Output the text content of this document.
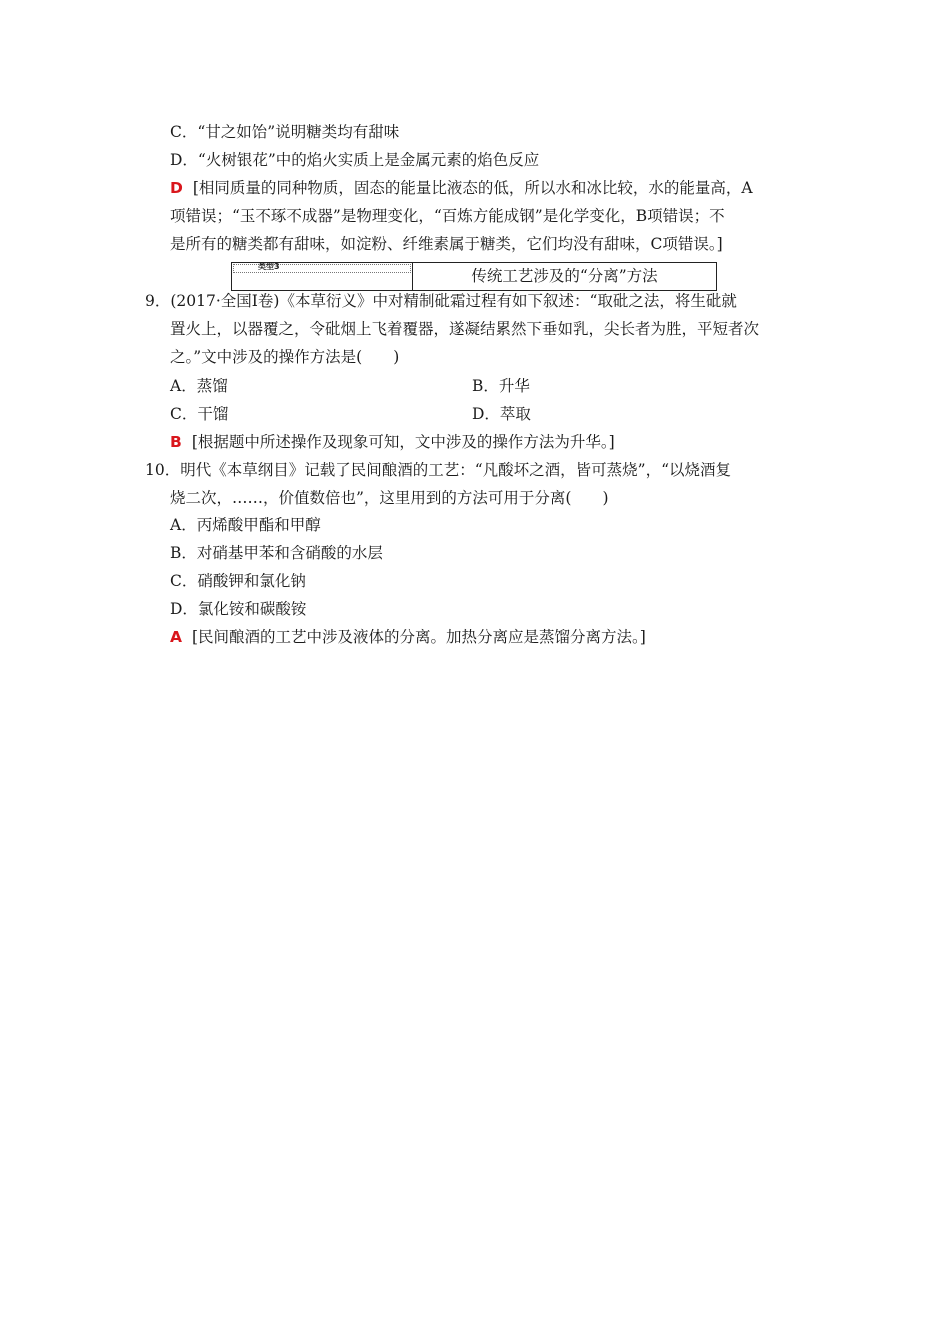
C．“甘之如饴”说明糖类均有甜味
D．“火树银花”中的焰火实质上是金属元素的焰色反应
D [相同质量的同种物质，固态的能量比液态的低，所以水和冰比较，水的能量高，A
项错误；“玉不琢不成器”是物理变化，“百炼方能成钢”是化学变化，B项错误；不
是所有的糖类都有甜味，如淀粉、纤维素属于糖类，它们均没有甜味，C项错误。]
类型3
传统工艺涉及的“分离”方法
9．(2017·全国Ⅰ卷)《本草衍义》中对精制砒霜过程有如下叙述：“取砒之法，将生砒就
置火上，以器覆之，令砒烟上飞着覆器，遂凝结累然下垂如乳，尖长者为胜，平短者次
之。”文中涉及的操作方法是(　　)
A．蒸馏	B．升华
C．干馏	D．萃取
B [根据题中所述操作及现象可知，文中涉及的操作方法为升华。]
10．明代《本草纲目》记载了民间酿酒的工艺：“凡酸坏之酒，皆可蒸烧”，“以烧酒复
烧二次，……，价值数倍也”，这里用到的方法可用于分离(　　)
A．丙烯酸甲酯和甲醇
B．对硝基甲苯和含硝酸的水层
C．硝酸钾和氯化钠
D．氯化铵和碳酸铵
A [民间酿酒的工艺中涉及液体的分离。加热分离应是蒸馏分离方法。]
